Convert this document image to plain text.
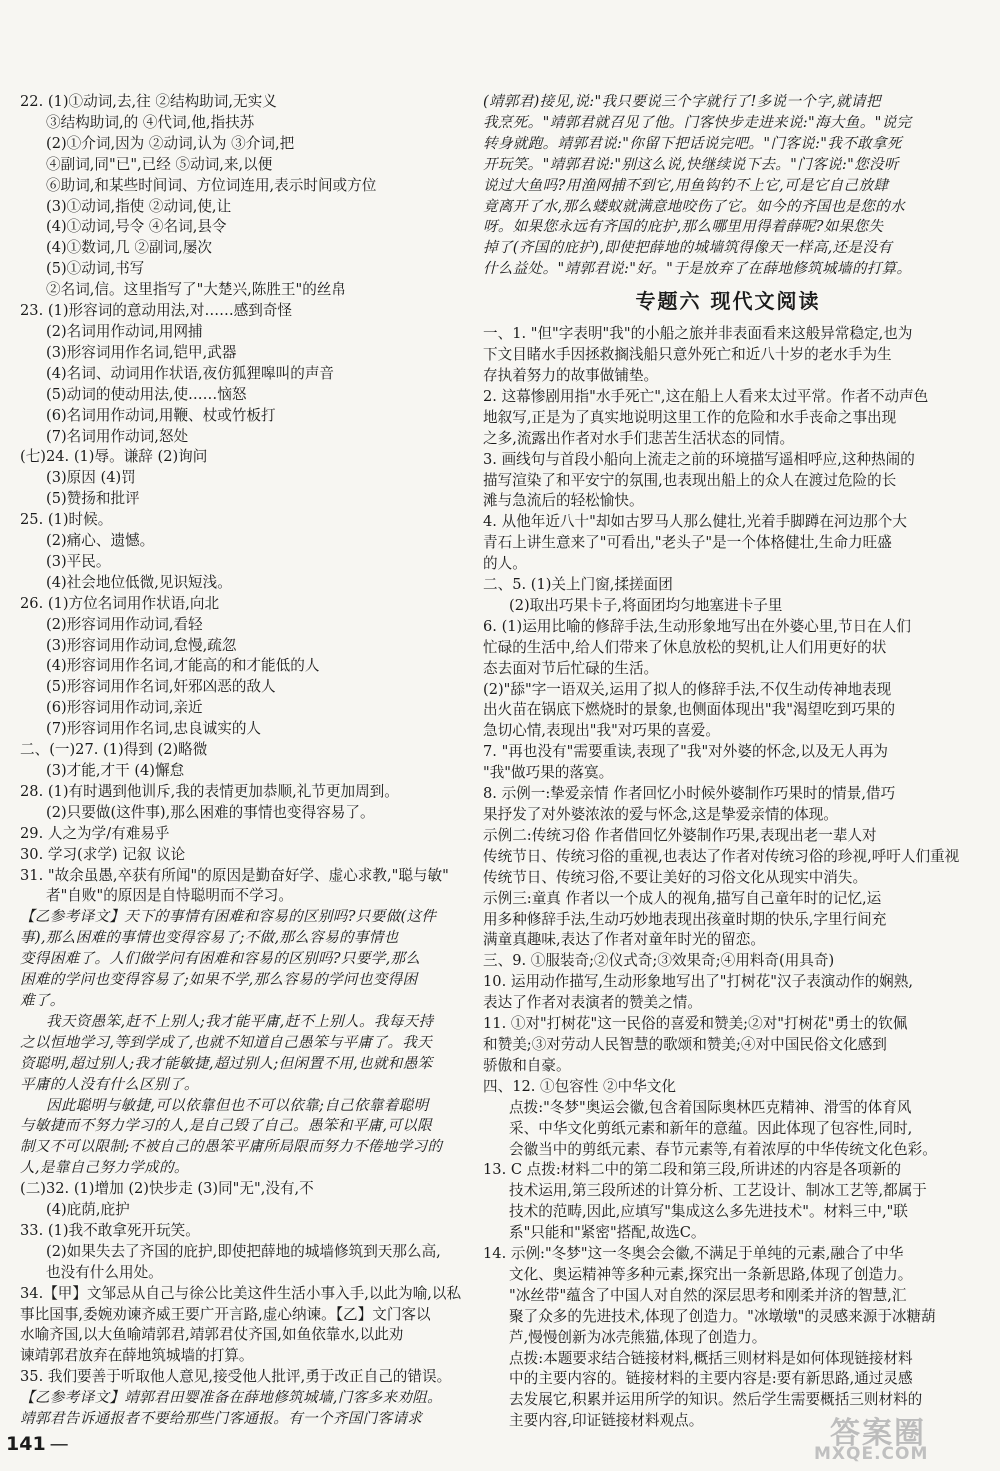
22. (1)①动词,去,往 ②结构助词,无实义
③结构助词,的 ④代词,他,指扶苏
(2)①介词,因为 ②动词,认为 ③介词,把
④副词,同"已",已经 ⑤动词,来,以便
⑥助词,和某些时间词、方位词连用,表示时间或方位
(3)①动词,指使 ②动词,使,让
(4)①动词,号令 ④名词,县令
(4)①数词,几 ②副词,屡次
(5)①动词,书写
②名词,信。这里指写了"大楚兴,陈胜王"的丝帛
23. (1)形容词的意动用法,对……感到奇怪
(2)名词用作动词,用网捕
(3)形容词用作名词,铠甲,武器
(4)名词、动词用作状语,夜仿狐狸嗥叫的声音
(5)动词的使动用法,使……恼怒
(6)名词用作动词,用鞭、杖或竹板打
(7)名词用作动词,怒处
(七)24. (1)辱。谦辞 (2)询问
(3)原因 (4)罚
(5)赞扬和批评
25. (1)时候。
(2)痛心、遗憾。
(3)平民。
(4)社会地位低微,见识短浅。
26. (1)方位名词用作状语,向北
(2)形容词用作动词,看轻
(3)形容词用作动词,怠慢,疏忽
(4)形容词用作名词,才能高的和才能低的人
(5)形容词用作名词,奸邪凶恶的敌人
(6)形容词用作动词,亲近
(7)形容词用作名词,忠良诚实的人
二、(一)27. (1)得到 (2)略微
(3)才能,才干 (4)懈怠
28. (1)有时遇到他训斥,我的表情更加恭顺,礼节更加周到。
(2)只要做(这件事),那么困难的事情也变得容易了。
29. 人之为学/有难易乎
30. 学习(求学) 记叙 议论
31. "故余虽愚,卒获有所闻"的原因是勤奋好学、虚心求教,"聪与敏"
者"自败"的原因是自恃聪明而不学习。
【乙参考译文】天下的事情有困难和容易的区别吗?只要做(这件
事),那么困难的事情也变得容易了;不做,那么容易的事情也
变得困难了。人们做学问有困难和容易的区别吗?只要学,那么
困难的学问也变得容易了;如果不学,那么容易的学问也变得困
难了。
我天资愚笨,赶不上别人;我才能平庸,赶不上别人。我每天持
之以恒地学习,等到学成了,也就不知道自己愚笨与平庸了。我天
资聪明,超过别人;我才能敏捷,超过别人;但闲置不用,也就和愚笨
平庸的人没有什么区别了。
因此聪明与敏捷,可以依靠但也不可以依靠;自己依靠着聪明
与敏捷而不努力学习的人,是自己毁了自己。愚笨和平庸,可以限
制又不可以限制;不被自己的愚笨平庸所局限而努力不倦地学习的
人,是靠自己努力学成的。
(二)32. (1)增加 (2)快步走 (3)同"无",没有,不
(4)庇荫,庇护
33. (1)我不敢拿死开玩笑。
(2)如果失去了齐国的庇护,即使把薛地的城墙修筑到天那么高,
也没有什么用处。
34.【甲】文邹忌从自己与徐公比美这件生活小事入手,以此为喻,以私
事比国事,委婉劝谏齐威王要广开言路,虚心纳谏。【乙】文门客以
水喻齐国,以大鱼喻靖郭君,靖郭君仗齐国,如鱼依靠水,以此劝
谏靖郭君放弃在薛地筑城墙的打算。
35. 我们要善于听取他人意见,接受他人批评,勇于改正自己的错误。
【乙参考译文】靖郭君田婴准备在薛地修筑城墙,门客多来劝阻。
靖郭君告诉通报者不要给那些门客通报。有一个齐国门客请求
(靖郭君)接见,说:"我只要说三个字就行了!多说一个字,就请把
我烹死。"靖郭君就召见了他。门客快步走进来说:"海大鱼。"说完
转身就跑。靖郭君说:"你留下把话说完吧。"门客说:"我不敢拿死
开玩笑。"靖郭君说:"别这么说,快继续说下去。"门客说:"您没听
说过大鱼吗?用渔网捕不到它,用鱼钩钓不上它,可是它自己放肆
竟离开了水,那么蝼蚁就满意地咬伤了它。如今的齐国也是您的水
呀。如果您永远有齐国的庇护,那么哪里用得着薛呢?如果您失
掉了(齐国的庇护),即使把薛地的城墙筑得像天一样高,还是没有
什么益处。"靖郭君说:"好。"于是放弃了在薛地修筑城墙的打算。
专题六 现代文阅读
一、1. "但"字表明"我"的小船之旅并非表面看来这般异常稳定,也为
下文目睹水手因拯救搁浅船只意外死亡和近八十岁的老水手为生
存执着努力的故事做铺垫。
2. 这幕惨剧用指"水手死亡",这在船上人看来太过平常。作者不动声色
地叙写,正是为了真实地说明这里工作的危险和水手丧命之事出现
之多,流露出作者对水手们悲苦生活状态的同情。
3. 画线句与首段小船向上流走之前的环境描写遥相呼应,这种热闹的
描写渲染了和平安宁的氛围,也表现出船上的众人在渡过危险的长
滩与急流后的轻松愉快。
4. 从他年近八十"却如古罗马人那么健壮,光着手脚蹲在河边那个大
青石上讲生意来了"可看出,"老头子"是一个体格健壮,生命力旺盛
的人。
二、5. (1)关上门窗,揉搓面团
(2)取出巧果卡子,将面团均匀地塞进卡子里
6. (1)运用比喻的修辞手法,生动形象地写出在外婆心里,节日在人们
忙碌的生活中,给人们带来了休息放松的契机,让人们用更好的状
态去面对节后忙碌的生活。
(2)"舔"字一语双关,运用了拟人的修辞手法,不仅生动传神地表现
出火苗在锅底下燃烧时的景象,也侧面体现出"我"渴望吃到巧果的
急切心情,表现出"我"对巧果的喜爱。
7. "再也没有"需要重读,表现了"我"对外婆的怀念,以及无人再为
"我"做巧果的落寞。
8. 示例一:挚爱亲情 作者回忆小时候外婆制作巧果时的情景,借巧
果抒发了对外婆浓浓的爱与怀念,这是挚爱亲情的体现。
示例二:传统习俗 作者借回忆外婆制作巧果,表现出老一辈人对
传统节日、传统习俗的重视,也表达了作者对传统习俗的珍视,呼吁人们重视
传统节日、传统习俗,不要让美好的习俗文化从现实中消失。
示例三:童真 作者以一个成人的视角,描写自己童年时的记忆,运
用多种修辞手法,生动巧妙地表现出孩童时期的快乐,字里行间充
满童真趣味,表达了作者对童年时光的留恋。
三、9. ①服装奇;②仪式奇;③效果奇;④用料奇(用具奇)
10. 运用动作描写,生动形象地写出了"打树花"汉子表演动作的娴熟,
表达了作者对表演者的赞美之情。
11. ①对"打树花"这一民俗的喜爱和赞美;②对"打树花"勇士的钦佩
和赞美;③对劳动人民智慧的歌颂和赞美;④对中国民俗文化感到
骄傲和自豪。
四、12. ①包容性 ②中华文化
点拨:"冬梦"奥运会徽,包含着国际奥林匹克精神、滑雪的体育风
采、中华文化剪纸元素和新年的意蕴。因此体现了包容性,同时,
会徽当中的剪纸元素、春节元素等,有着浓厚的中华传统文化色彩。
13. C 点拨:材料二中的第二段和第三段,所讲述的内容是各项新的
技术运用,第三段所述的计算分析、工艺设计、制冰工艺等,都属于
技术的范畴,因此,应填写"集成这么多先进技术"。材料三中,"联
系"只能和"紧密"搭配,故选C。
14. 示例:"冬梦"这一冬奥会会徽,不满足于单纯的元素,融合了中华
文化、奥运精神等多种元素,探究出一条新思路,体现了创造力。
"冰丝带"蕴含了中国人对自然的深层思考和刚柔并济的智慧,汇
聚了众多的先进技术,体现了创造力。"冰墩墩"的灵感来源于冰糖葫
芦,慢慢创新为冰壳熊猫,体现了创造力。
点拨:本题要求结合链接材料,概括三则材料是如何体现链接材料
中的主要内容的。链接材料的主要内容是:要有新思路,通过灵感
去发展它,积累并运用所学的知识。然后学生需要概括三则材料的
主要内容,印证链接材料观点。
141 —	答案圈
MXQE.COM
